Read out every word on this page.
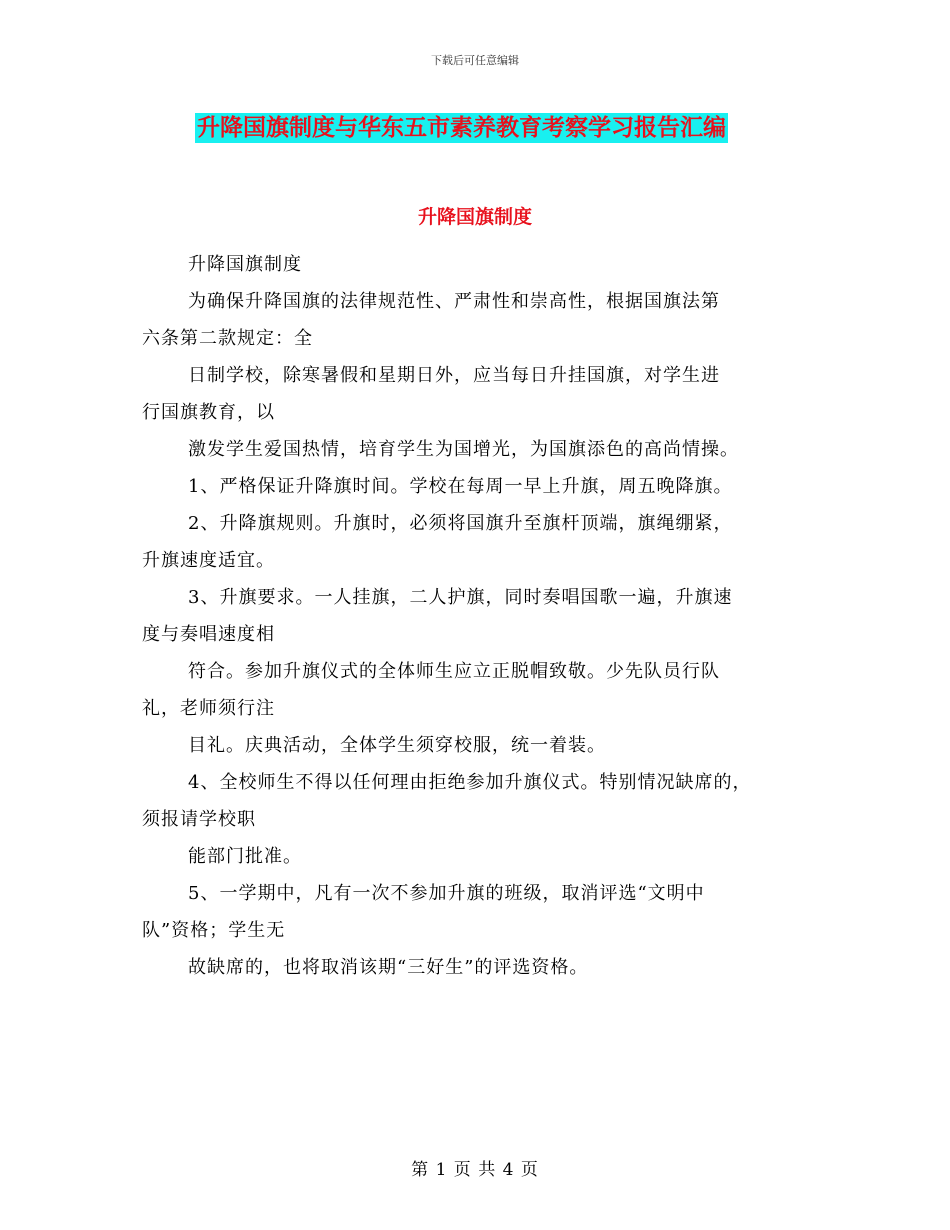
下载后可任意编辑
升降国旗制度与华东五市素养教育考察学习报告汇编
升降国旗制度
升降国旗制度
为确保升降国旗的法律规范性、严肃性和崇高性，根据国旗法第
六条第二款规定：全
日制学校，除寒暑假和星期日外，应当每日升挂国旗，对学生进
行国旗教育，以
激发学生爱国热情，培育学生为国增光，为国旗添色的高尚情操。
1、严格保证升降旗时间。学校在每周一早上升旗，周五晚降旗。
2、升降旗规则。升旗时，必须将国旗升至旗杆顶端，旗绳绷紧，
升旗速度适宜。
3、升旗要求。一人挂旗，二人护旗，同时奏唱国歌一遍，升旗速
度与奏唱速度相
符合。参加升旗仪式的全体师生应立正脱帽致敬。少先队员行队
礼，老师须行注
目礼。庆典活动，全体学生须穿校服，统一着装。
4、全校师生不得以任何理由拒绝参加升旗仪式。特别情况缺席的，
须报请学校职
能部门批准。
5、一学期中，凡有一次不参加升旗的班级，取消评选“文明中
队”资格；学生无
故缺席的，也将取消该期“三好生”的评选资格。
第 1 页 共 4 页
